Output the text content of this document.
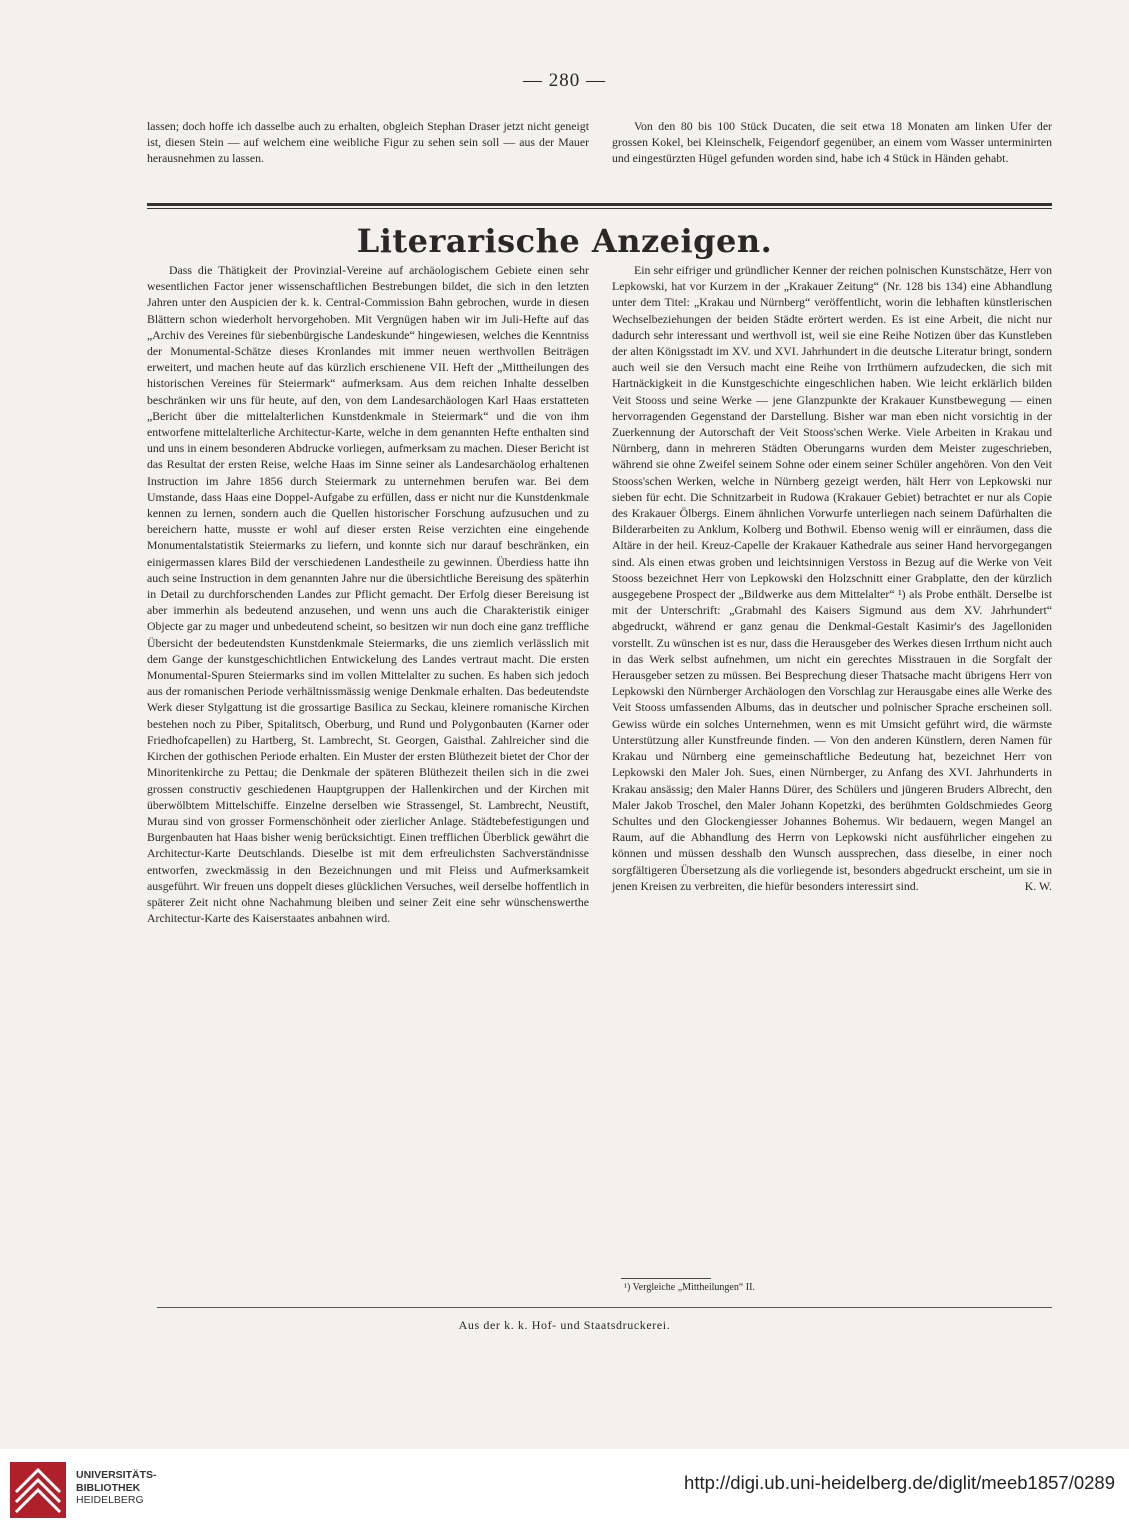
— 280 —

lassen; doch hoffe ich dasselbe auch zu erhalten, obgleich Stephan Draser jetzt nicht geneigt ist, diesen Stein — auf welchem eine weibliche Figur zu sehen sein soll — aus der Mauer herausnehmen zu lassen.

Von den 80 bis 100 Stück Ducaten, die seit etwa 18 Monaten am linken Ufer der grossen Kokel, bei Kleinschelk, Feigendorf gegenüber, an einem vom Wasser unterminirten und eingestürzten Hügel gefunden worden sind, habe ich 4 Stück in Händen gehabt.

Literarische Anzeigen.

Dass die Thätigkeit der Provinzial-Vereine auf archäologischem Gebiete einen sehr wesentlichen Factor jener wissenschaftlichen Bestrebungen bildet, die sich in den letzten Jahren unter den Auspicien der k. k. Central-Commission Bahn gebrochen, wurde in diesen Blättern schon wiederholt hervorgehoben. Mit Vergnügen haben wir im Juli-Hefte auf das „Archiv des Vereines für siebenbürgische Landeskunde“ hingewiesen, welches die Kenntniss der Monumental-Schätze dieses Kronlandes mit immer neuen werthvollen Beiträgen erweitert, und machen heute auf das kürzlich erschienene VII. Heft der „Mittheilungen des historischen Vereines für Steiermark“ aufmerksam. Aus dem reichen Inhalte desselben beschränken wir uns für heute, auf den, von dem Landesarchäologen Karl Haas erstatteten „Bericht über die mittelalterlichen Kunstdenkmale in Steiermark“ und die von ihm entworfene mittelalterliche Architectur-Karte, welche in dem genannten Hefte enthalten sind und uns in einem besonderen Abdrucke vorliegen, aufmerksam zu machen. Dieser Bericht ist das Resultat der ersten Reise, welche Haas im Sinne seiner als Landesarchäolog erhaltenen Instruction im Jahre 1856 durch Steiermark zu unternehmen berufen war. Bei dem Umstande, dass Haas eine Doppel-Aufgabe zu erfüllen, dass er nicht nur die Kunstdenkmale kennen zu lernen, sondern auch die Quellen historischer Forschung aufzusuchen und zu bereichern hatte, musste er wohl auf dieser ersten Reise verzichten eine eingehende Monumentalstatistik Steiermarks zu liefern, und konnte sich nur darauf beschränken, ein einigermassen klares Bild der verschiedenen Landestheile zu gewinnen. Überdiess hatte ihn auch seine Instruction in dem genannten Jahre nur die übersichtliche Bereisung des späterhin in Detail zu durchforschenden Landes zur Pflicht gemacht. Der Erfolg dieser Bereisung ist aber immerhin als bedeutend anzusehen, und wenn uns auch die Charakteristik einiger Objecte gar zu mager und unbedeutend scheint, so besitzen wir nun doch eine ganz treffliche Übersicht der bedeutendsten Kunstdenkmale Steiermarks, die uns ziemlich verlässlich mit dem Gange der kunstgeschichtlichen Entwickelung des Landes vertraut macht. Die ersten Monumental-Spuren Steiermarks sind im vollen Mittelalter zu suchen. Es haben sich jedoch aus der romanischen Periode verhältnissmässig wenige Denkmale erhalten. Das bedeutendste Werk dieser Stylgattung ist die grossartige Basilica zu Seckau, kleinere romanische Kirchen bestehen noch zu Piber, Spitalitsch, Oberburg, und Rund und Polygonbauten (Karner oder Friedhofcapellen) zu Hartberg, St. Lambrecht, St. Georgen, Gaisthal. Zahlreicher sind die Kirchen der gothischen Periode erhalten. Ein Muster der ersten Blüthezeit bietet der Chor der Minoritenkirche zu Pettau; die Denkmale der späteren Blüthezeit theilen sich in die zwei grossen constructiv geschiedenen Hauptgruppen der Hallenkirchen und der Kirchen mit überwölbtem Mittelschiffe. Einzelne derselben wie Strassengel, St. Lambrecht, Neustift, Murau sind von grosser Formenschönheit oder zierlicher Anlage. Städtebefestigungen und Burgenbauten hat Haas bisher wenig berücksichtigt. Einen trefflichen Überblick gewährt die Architectur-Karte Deutschlands. Dieselbe ist mit dem erfreulichsten Sachverständnisse entworfen, zweckmässig in den Bezeichnungen und mit Fleiss und Aufmerksamkeit ausgeführt. Wir freuen uns doppelt dieses glücklichen Versuches, weil derselbe hoffentlich in späterer Zeit nicht ohne Nachahmung bleiben und seiner Zeit eine sehr wünschenswerthe Architectur-Karte des Kaiserstaates anbahnen wird.

Ein sehr eifriger und gründlicher Kenner der reichen polnischen Kunstschätze, Herr von Lepkowski, hat vor Kurzem in der „Krakauer Zeitung“ (Nr. 128 bis 134) eine Abhandlung unter dem Titel: „Krakau und Nürnberg“ veröffentlicht, worin die lebhaften künstlerischen Wechselbeziehungen der beiden Städte erörtert werden. Es ist eine Arbeit, die nicht nur dadurch sehr interessant und werthvoll ist, weil sie eine Reihe Notizen über das Kunstleben der alten Königsstadt im XV. und XVI. Jahrhundert in die deutsche Literatur bringt, sondern auch weil sie den Versuch macht eine Reihe von Irrthümern aufzudecken, die sich mit Hartnäckigkeit in die Kunstgeschichte eingeschlichen haben. Wie leicht erklärlich bilden Veit Stooss und seine Werke — jene Glanzpunkte der Krakauer Kunstbewegung — einen hervorragenden Gegenstand der Darstellung. Bisher war man eben nicht vorsichtig in der Zuerkennung der Autorschaft der Veit Stooss'schen Werke. Viele Arbeiten in Krakau und Nürnberg, dann in mehreren Städten Oberungarns wurden dem Meister zugeschrieben, während sie ohne Zweifel seinem Sohne oder einem seiner Schüler angehören. Von den Veit Stooss'schen Werken, welche in Nürnberg gezeigt werden, hält Herr von Lepkowski nur sieben für echt. Die Schnitzarbeit in Rudowa (Krakauer Gebiet) betrachtet er nur als Copie des Krakauer Ölbergs. Einem ähnlichen Vorwurfe unterliegen nach seinem Dafürhalten die Bilderarbeiten zu Anklum, Kolberg und Bothwil. Ebenso wenig will er einräumen, dass die Altäre in der heil. Kreuz-Capelle der Krakauer Kathedrale aus seiner Hand hervorgegangen sind. Als einen etwas groben und leichtsinnigen Verstoss in Bezug auf die Werke von Veit Stooss bezeichnet Herr von Lepkowski den Holzschnitt einer Grabplatte, den der kürzlich ausgegebene Prospect der „Bildwerke aus dem Mittelalter“ ¹) als Probe enthält. Derselbe ist mit der Unterschrift: „Grabmahl des Kaisers Sigmund aus dem XV. Jahrhundert“ abgedruckt, während er ganz genau die Denkmal-Gestalt Kasimir's des Jagelloniden vorstellt. Zu wünschen ist es nur, dass die Herausgeber des Werkes diesen Irrthum nicht auch in das Werk selbst aufnehmen, um nicht ein gerechtes Misstrauen in die Sorgfalt der Herausgeber setzen zu müssen. Bei Besprechung dieser Thatsache macht übrigens Herr von Lepkowski den Nürnberger Archäologen den Vorschlag zur Herausgabe eines alle Werke des Veit Stooss umfassenden Albums, das in deutscher und polnischer Sprache erscheinen soll. Gewiss würde ein solches Unternehmen, wenn es mit Umsicht geführt wird, die wärmste Unterstützung aller Kunstfreunde finden. — Von den anderen Künstlern, deren Namen für Krakau und Nürnberg eine gemeinschaftliche Bedeutung hat, bezeichnet Herr von Lepkowski den Maler Joh. Sues, einen Nürnberger, zu Anfang des XVI. Jahrhunderts in Krakau ansässig; den Maler Hanns Dürer, des Schülers und jüngeren Bruders Albrecht, den Maler Jakob Troschel, den Maler Johann Kopetzki, des berühmten Goldschmiedes Georg Schultes und den Glockengiesser Johannes Bohemus. Wir bedauern, wegen Mangel an Raum, auf die Abhandlung des Herrn von Lepkowski nicht ausführlicher eingehen zu können und müssen desshalb den Wunsch aussprechen, dass dieselbe, in einer noch sorgfältigeren Übersetzung als die vorliegende ist, besonders abgedruckt erscheint, um sie in jenen Kreisen zu verbreiten, die hiefür besonders interessirt sind.	K. W.

¹) Vergleiche „Mittheilungen“ II.
Aus der k. k. Hof- und Staatsdruckerei.
UNIVERSITÄTS-
BIBLIOTHEK
HEIDELBERG
http://digi.ub.uni-heidelberg.de/diglit/meeb1857/0289
